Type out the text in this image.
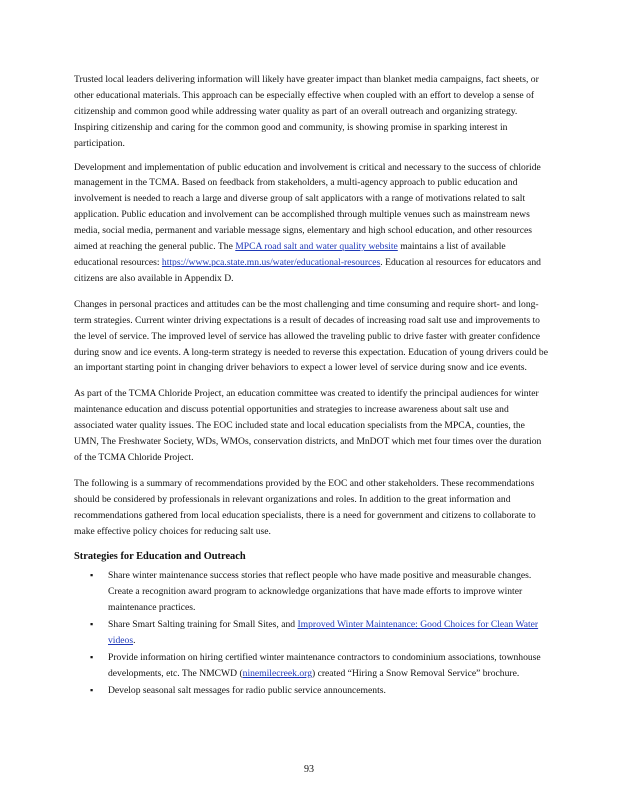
Trusted local leaders delivering information will likely have greater impact than blanket media campaigns, fact sheets, or other educational materials. This approach can be especially effective when coupled with an effort to develop a sense of citizenship and common good while addressing water quality as part of an overall outreach and organizing strategy. Inspiring citizenship and caring for the common good and community, is showing promise in sparking interest in participation.

Development and implementation of public education and involvement is critical and necessary to the success of chloride management in the TCMA. Based on feedback from stakeholders, a multi-agency approach to public education and involvement is needed to reach a large and diverse group of salt applicators with a range of motivations related to salt application. Public education and involvement can be accomplished through multiple venues such as mainstream news media, social media, permanent and variable message signs, elementary and high school education, and other resources aimed at reaching the general public. The MPCA road salt and water quality website maintains a list of available educational resources: https://www.pca.state.mn.us/water/educational-resources. Education al resources for educators and citizens are also available in Appendix D.

Changes in personal practices and attitudes can be the most challenging and time consuming and require short- and long-term strategies. Current winter driving expectations is a result of decades of increasing road salt use and improvements to the level of service. The improved level of service has allowed the traveling public to drive faster with greater confidence during snow and ice events. A long-term strategy is needed to reverse this expectation. Education of young drivers could be an important starting point in changing driver behaviors to expect a lower level of service during snow and ice events.

As part of the TCMA Chloride Project, an education committee was created to identify the principal audiences for winter maintenance education and discuss potential opportunities and strategies to increase awareness about salt use and associated water quality issues. The EOC included state and local education specialists from the MPCA, counties, the UMN, The Freshwater Society, WDs, WMOs, conservation districts, and MnDOT which met four times over the duration of the TCMA Chloride Project.

The following is a summary of recommendations provided by the EOC and other stakeholders. These recommendations should be considered by professionals in relevant organizations and roles. In addition to the great information and recommendations gathered from local education specialists, there is a need for government and citizens to collaborate to make effective policy choices for reducing salt use.

Strategies for Education and Outreach
▪ Share winter maintenance success stories that reflect people who have made positive and measurable changes. Create a recognition award program to acknowledge organizations that have made efforts to improve winter maintenance practices.
▪ Share Smart Salting training for Small Sites, and Improved Winter Maintenance: Good Choices for Clean Water videos.
▪ Provide information on hiring certified winter maintenance contractors to condominium associations, townhouse developments, etc. The NMCWD (ninemilecreek.org) created “Hiring a Snow Removal Service” brochure.
▪ Develop seasonal salt messages for radio public service announcements.
93
